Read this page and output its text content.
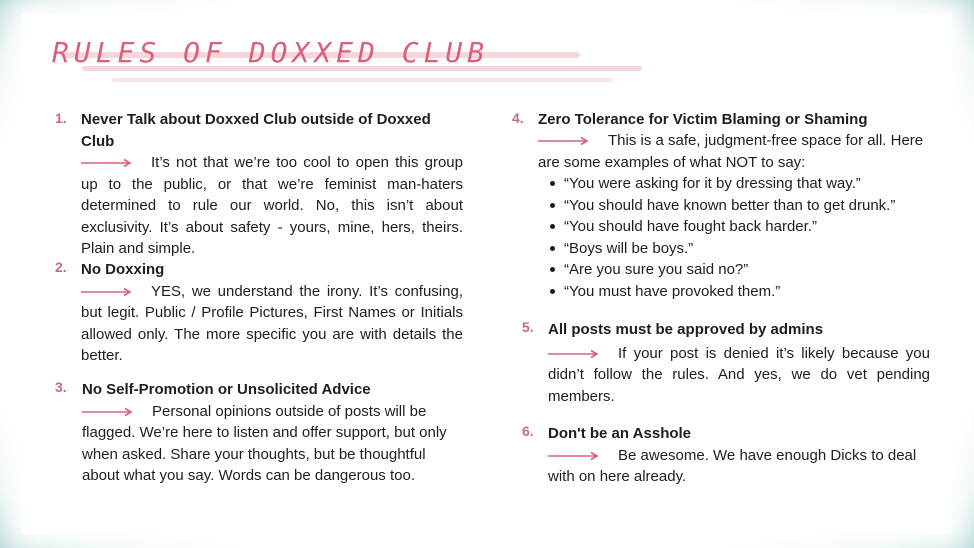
RULES OF DOXXED CLUB
1. Never Talk about Doxxed Club outside of Doxxed Club
It’s not that we’re too cool to open this group up to the public, or that we’re feminist man-haters determined to rule our world. No, this isn’t about exclusivity. It’s about safety - yours, mine, hers, theirs. Plain and simple.
2. No Doxxing
YES, we understand the irony. It’s confusing, but legit. Public / Profile Pictures, First Names or Initials allowed only. The more specific you are with details the better.
3. No Self-Promotion or Unsolicited Advice
Personal opinions outside of posts will be flagged. We’re here to listen and offer support, but only when asked. Share your thoughts, but be thoughtful about what you say. Words can be dangerous too.
4. Zero Tolerance for Victim Blaming or Shaming
This is a safe, judgment-free space for all. Here are some examples of what NOT to say:
“You were asking for it by dressing that way.”
“You should have known better than to get drunk.”
“You should have fought back harder.”
“Boys will be boys.”
“Are you sure you said no?”
“You must have provoked them.”
5. All posts must be approved by admins
If your post is denied it’s likely because you didn’t follow the rules. And yes, we do vet pending members.
6. Don't be an Asshole
Be awesome. We have enough Dicks to deal with on here already.
